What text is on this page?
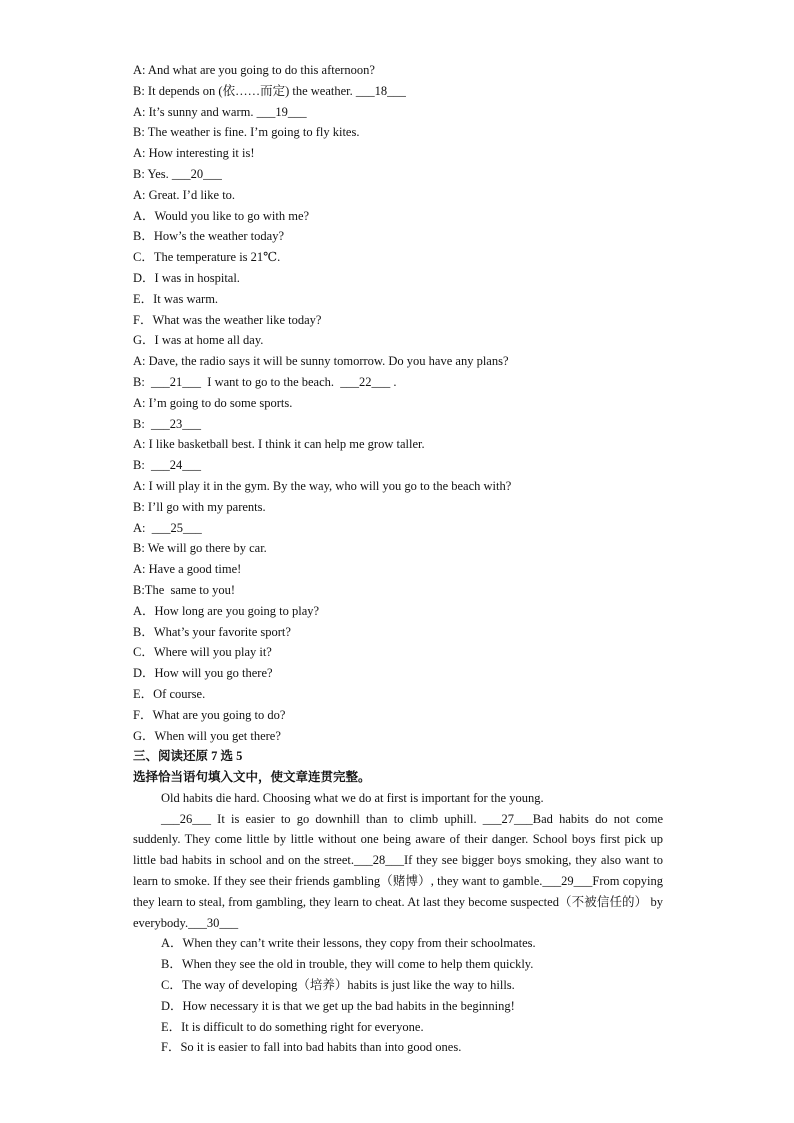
A: And what are you going to do this afternoon?
B: It depends on (依……而定) the weather. ___18___
A: It’s sunny and warm. ___19___
B: The weather is fine. I’m going to fly kites.
A: How interesting it is!
B: Yes. ___20___
A: Great. I’d like to.
A．Would you like to go with me?
B．How’s the weather today?
C．The temperature is 21℃.
D．I was in hospital.
E．It was warm.
F．What was the weather like today?
G．I was at home all day.
A: Dave, the radio says it will be sunny tomorrow. Do you have any plans?
B:  ___21___  I want to go to the beach.  ___22___ .
A: I’m going to do some sports.
B:  ___23___
A: I like basketball best. I think it can help me grow taller.
B:  ___24___
A: I will play it in the gym. By the way, who will you go to the beach with?
B: I’ll go with my parents.
A:  ___25___
B: We will go there by car.
A: Have a good time!
B:The  same to you!
A．How long are you going to play?
B．What’s your favorite sport?
C．Where will you play it?
D．How will you go there?
E．Of course.
F．What are you going to do?
G．When will you get there?
三、阅读还原 7 选 5
选择恰当语句填入文中，使文章连贯完整。
Old habits die hard. Choosing what we do at first is important for the young.

___26___ It is easier to go downhill than to climb uphill. ___27___Bad habits do not come suddenly. They come little by little without one being aware of their danger. School boys first pick up little bad habits in school and on the street.___28___If they see bigger boys smoking, they also want to learn to smoke. If they see their friends gambling（赌博）, they want to gamble.___29___From copying they learn to steal, from gambling, they learn to cheat. At last they become suspected（不被信任的） by everybody.___30___

A．When they can’t write their lessons, they copy from their schoolmates.
B．When they see the old in trouble, they will come to help them quickly.
C．The way of developing（培养）habits is just like the way to hills.
D．How necessary it is that we get up the bad habits in the beginning!
E．It is difficult to do something right for everyone.
F．So it is easier to fall into bad habits than into good ones.
